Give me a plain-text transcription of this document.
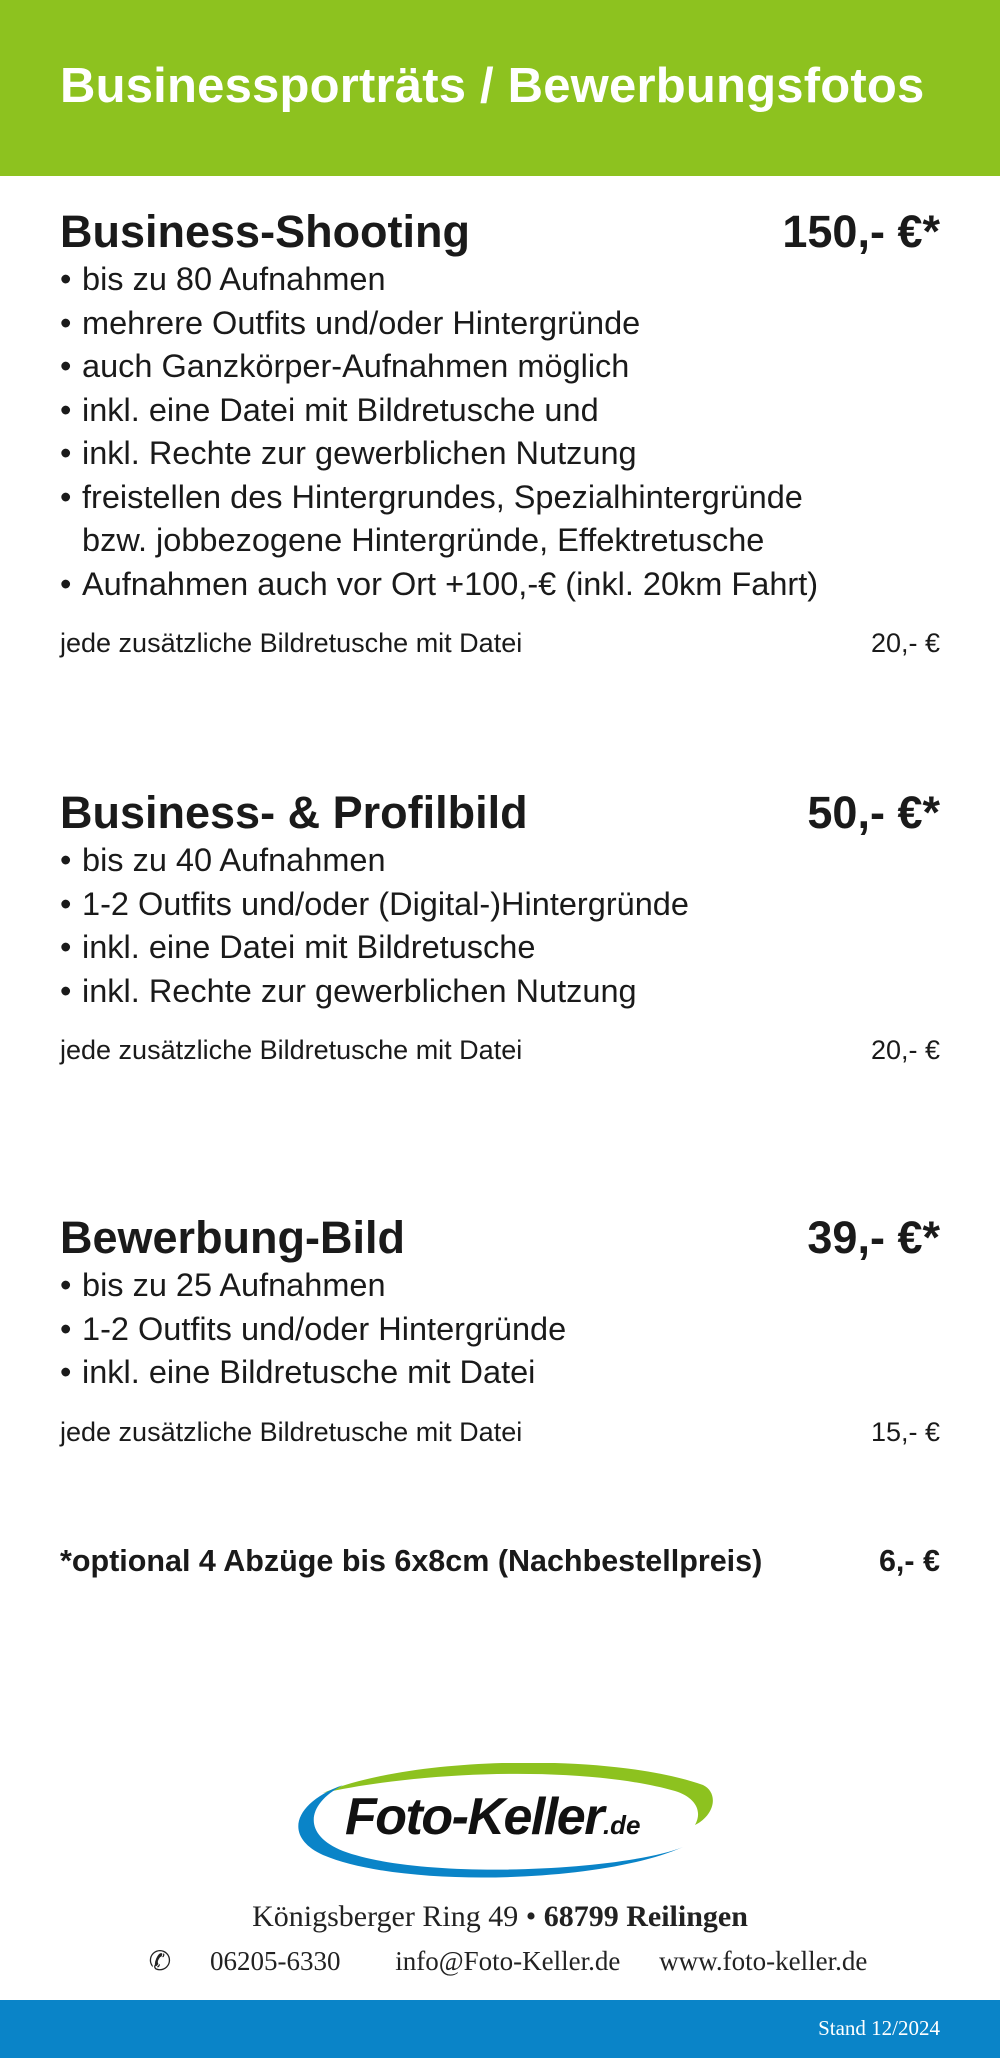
Businessporträts / Bewerbungsfotos
Business-Shooting	150,- €*
• bis zu 80 Aufnahmen
• mehrere Outfits und/oder Hintergründe
• auch Ganzkörper-Aufnahmen möglich
• inkl. eine Datei mit Bildretusche und
• inkl. Rechte zur gewerblichen Nutzung
• freistellen des Hintergrundes, Spezialhintergründe
bzw. jobbezogene Hintergründe, Effektretusche
• Aufnahmen auch vor Ort +100,-€ (inkl. 20km Fahrt)
jede zusätzliche Bildretusche mit Datei	20,- €
Business- & Profilbild	50,- €*
• bis zu 40 Aufnahmen
• 1-2 Outfits und/oder (Digital-)Hintergründe
• inkl. eine Datei mit Bildretusche
• inkl. Rechte zur gewerblichen Nutzung
jede zusätzliche Bildretusche mit Datei	20,- €
Bewerbung-Bild	39,- €*
• bis zu 25 Aufnahmen
• 1-2 Outfits und/oder Hintergründe
• inkl. eine Bildretusche mit Datei
jede zusätzliche Bildretusche mit Datei	15,- €
*optional 4 Abzüge bis 6x8cm (Nachbestellpreis)	6,- €
Foto-Keller.de
Königsberger Ring 49 • 68799 Reilingen
✆ 06205-6330 info@Foto-Keller.de www.foto-keller.de
Stand 12/2024
